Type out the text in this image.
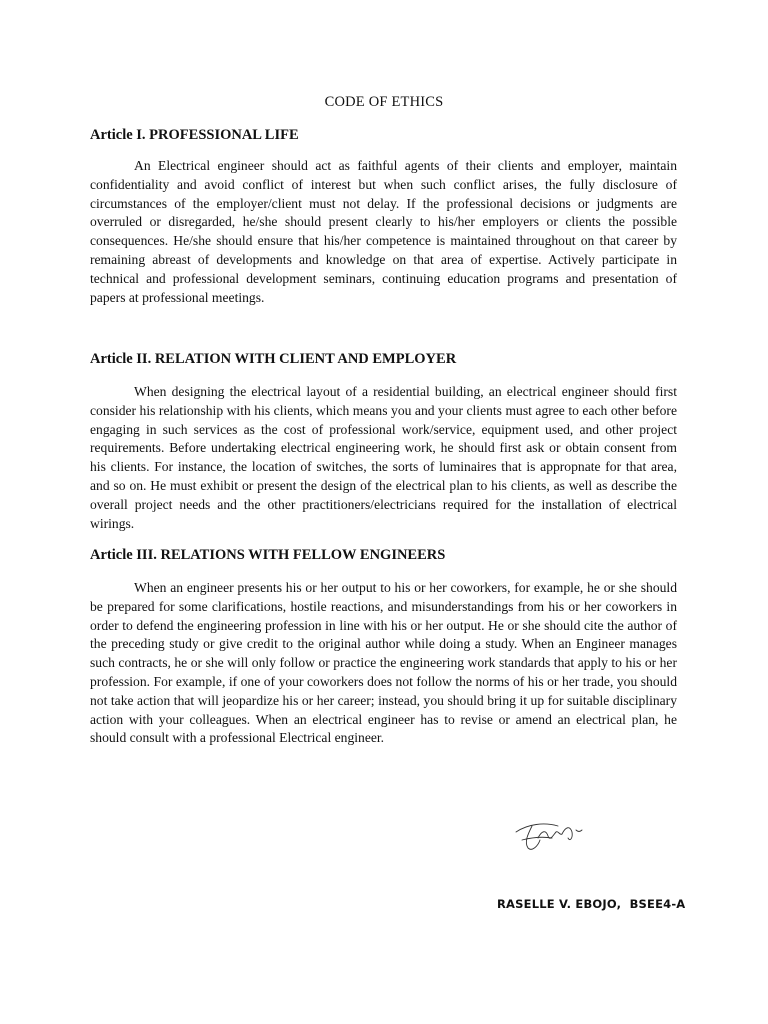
CODE OF ETHICS
Article I. PROFESSIONAL LIFE

An Electrical engineer should act as faithful agents of their clients and employer, maintain confidentiality and avoid conflict of interest but when such conflict arises, the fully disclosure of circumstances of the employer/client must not delay. If the professional decisions or judgments are overruled or disregarded, he/she should present clearly to his/her employers or clients the possible consequences. He/she should ensure that his/her competence is maintained throughout on that career by remaining abreast of developments and knowledge on that area of expertise. Actively participate in technical and professional development seminars, continuing education programs and presentation of papers at professional meetings.

Article II. RELATION WITH CLIENT AND EMPLOYER

When designing the electrical layout of a residential building, an electrical engineer should first consider his relationship with his clients, which means you and your clients must agree to each other before engaging in such services as the cost of professional work/service, equipment used, and other project requirements. Before undertaking electrical engineering work, he should first ask or obtain consent from his clients. For instance, the location of switches, the sorts of luminaires that is appropnate for that area, and so on. He must exhibit or present the design of the electrical plan to his clients, as well as describe the overall project needs and the other practitioners/electricians required for the installation of electrical wirings.

Article III. RELATIONS WITH FELLOW ENGINEERS

When an engineer presents his or her output to his or her coworkers, for example, he or she should be prepared for some clarifications, hostile reactions, and misunderstandings from his or her coworkers in order to defend the engineering profession in line with his or her output. He or she should cite the author of the preceding study or give credit to the original author while doing a study. When an Engineer manages such contracts, he or she will only follow or practice the engineering work standards that apply to his or her profession. For example, if one of your coworkers does not follow the norms of his or her trade, you should not take action that will jeopardize his or her career; instead, you should bring it up for suitable disciplinary action with your colleagues. When an electrical engineer has to revise or amend an electrical plan, he should consult with a professional Electrical engineer.

RASELLE V. EBOJO,  BSEE4-A
